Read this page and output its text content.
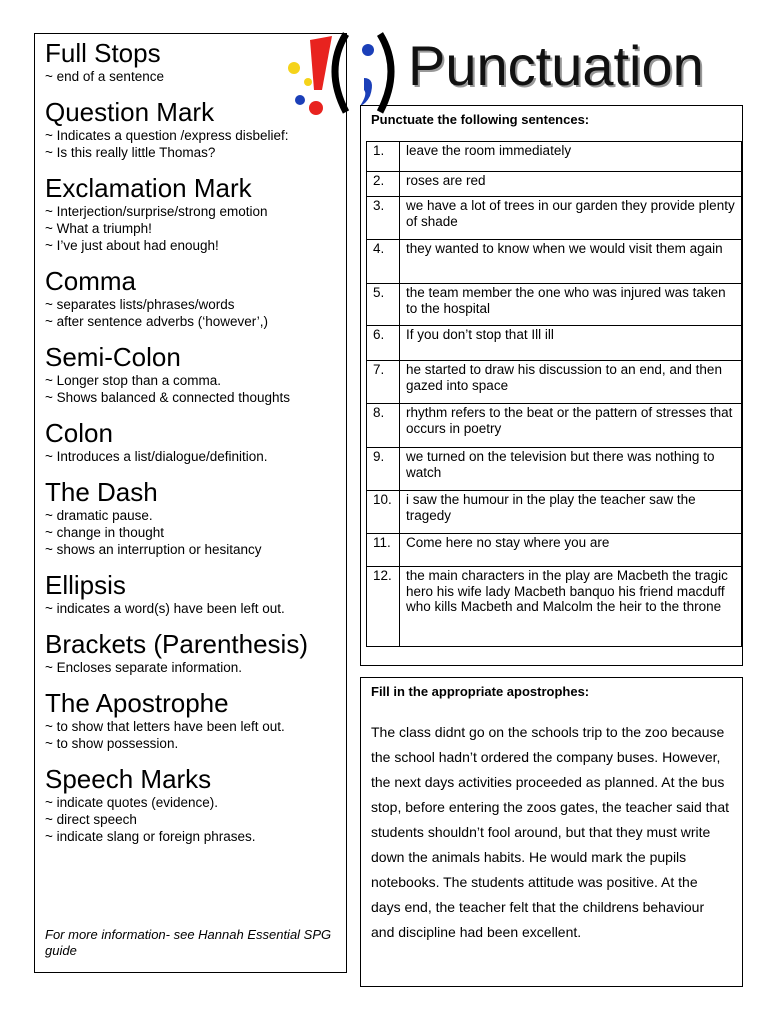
Punctuation
Full Stops
~ end of a sentence
Question Mark
~ Indicates a question /express disbelief:
~ Is this really little Thomas?
Exclamation Mark
~ Interjection/surprise/strong emotion
~ What a triumph!
~ I’ve just about had enough!
Comma
~ separates lists/phrases/words
~ after sentence adverbs (‘however’,)
Semi-Colon
~ Longer stop than a comma.
~ Shows balanced & connected thoughts
Colon
~ Introduces a list/dialogue/definition.
The Dash
~ dramatic pause.
~ change in thought
~ shows an interruption or hesitancy
Ellipsis
~ indicates a word(s) have been left out.
Brackets (Parenthesis)
~ Encloses separate information.
The Apostrophe
~ to show that letters have been left out.
~ to show possession.
Speech Marks
~ indicate quotes (evidence).
~ direct speech
~ indicate slang or foreign phrases.
For more information- see Hannah Essential SPG guide
Punctuate the following sentences:
1.	leave the room immediately
2.	roses are red
3.	we have a lot of trees in our garden they provide plenty of shade
4.	they wanted to know when we would visit them again
5.	the team member the one who was injured was taken to the hospital
6.	If you don’t stop that Ill ill
7.	he started to draw his discussion to an end, and then gazed into space
8.	rhythm refers to the beat or the pattern of stresses that occurs in poetry
9.	we turned on the television but there was nothing to watch
10.	i saw the humour in the play the teacher saw the tragedy
11.	Come here no stay where you are
12.	the main characters in the play are Macbeth the tragic hero his wife lady Macbeth banquo his friend macduff who kills Macbeth and Malcolm the heir to the throne
Fill in the appropriate apostrophes:
The class didnt go on the schools trip to the zoo because the school hadn’t ordered the company buses. However, the next days activities proceeded as planned. At the bus stop, before entering the zoos gates, the teacher said that students shouldn’t fool around, but that they must write down the animals habits. He would mark the pupils notebooks. The students attitude was positive. At the days end, the teacher felt that the childrens behaviour and discipline had been excellent.
